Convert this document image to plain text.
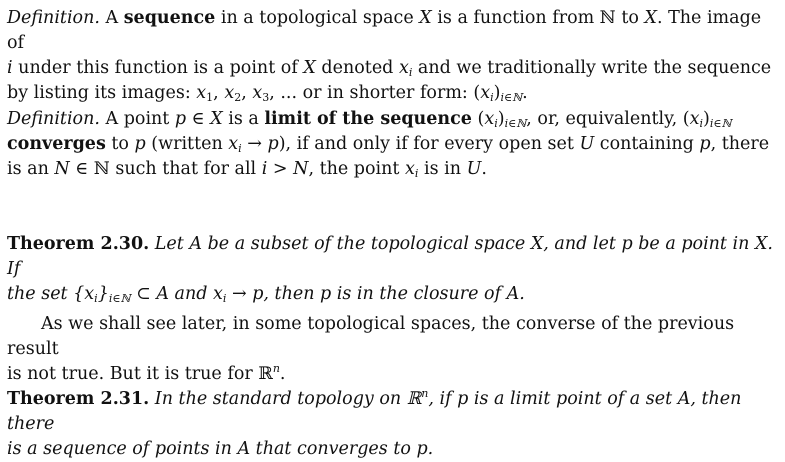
Definition. A sequence in a topological space X is a function from ℕ to X. The image of
i under this function is a point of X denoted $x_i$ and we traditionally write the sequence
by listing its images: $x_1$, $x_2$, $x_3$, ... or in shorter form: $(x_i)_{i\in ℕ}$.

Definition. A point p ∈ X is a limit of the sequence $(x_i)_{i\in ℕ}$, or, equivalently, $(x_i)_{i\in ℕ}$
converges to p (written $x_i \to p$), if and only if for every open set U containing p, there
is an N ∈ ℕ such that for all i > N, the point $x_i$ is in U.

Theorem 2.30. Let A be a subset of the topological space X, and let p be a point in X. If
the set $\{x_i\}_{i\in ℕ}$ ⊂ A and $x_i \to p$, then p is in the closure of A.

As we shall see later, in some topological spaces, the converse of the previous result
is not true. But it is true for ℝ$^n$.

Theorem 2.31. In the standard topology on ℝ$^n$, if p is a limit point of a set A, then there
is a sequence of points in A that converges to p.
